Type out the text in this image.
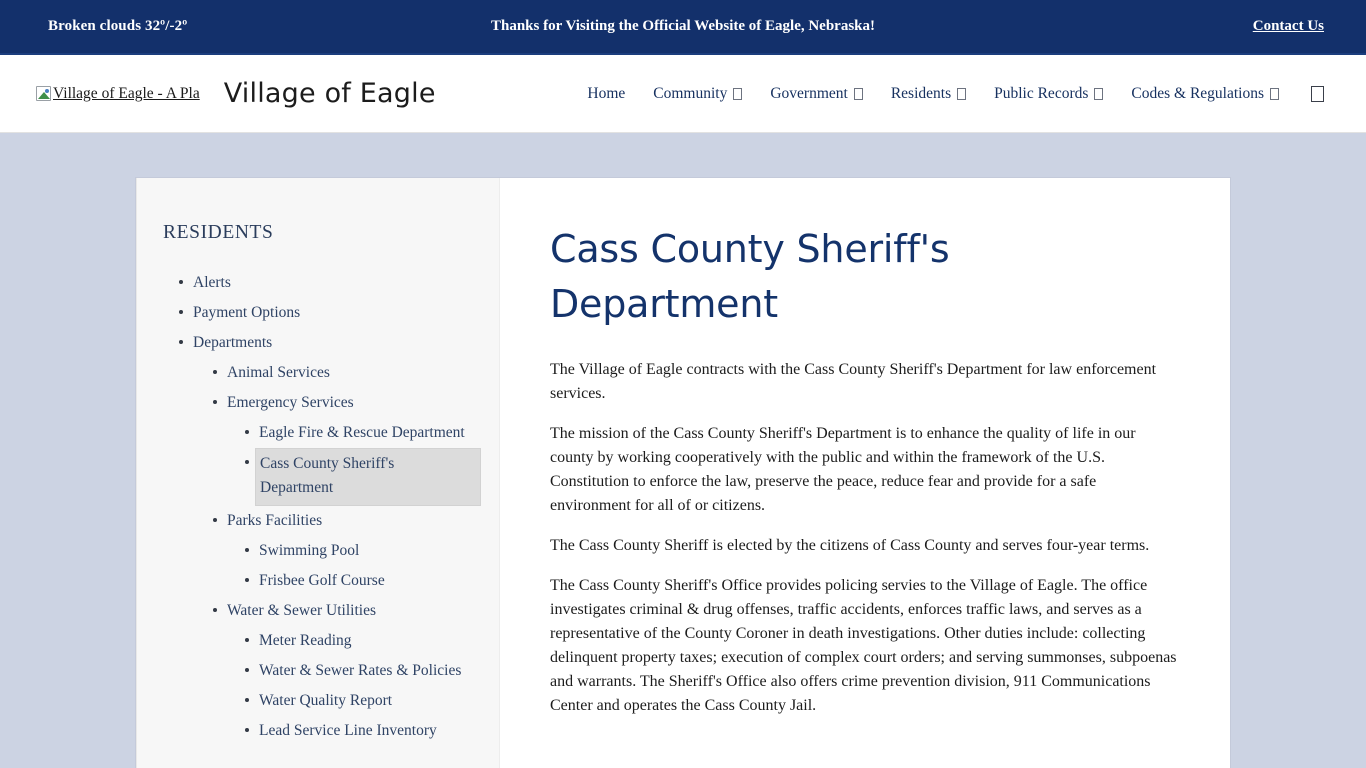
Broken clouds 32º/-2º	Thanks for Visiting the Official Website of Eagle, Nebraska!	Contact Us
Village of Eagle - A Pla Village of Eagle	Home Community	Government	Residents	Public Records	Codes & Regulations
RESIDENTS
Alerts
Payment Options
Departments
Animal Services
Emergency Services
Eagle Fire & Rescue Department
Cass County Sheriff's Department
Parks Facilities
Swimming Pool
Frisbee Golf Course
Water & Sewer Utilities
Meter Reading
Water & Sewer Rates & Policies
Water Quality Report
Lead Service Line Inventory
Cass County Sheriff's Department

The Village of Eagle contracts with the Cass County Sheriff's Department for law enforcement services.

The mission of the Cass County Sheriff's Department is to enhance the quality of life in our county by working cooperatively with the public and within the framework of the U.S. Constitution to enforce the law, preserve the peace, reduce fear and provide for a safe environment for all of or citizens.

The Cass County Sheriff is elected by the citizens of Cass County and serves four-year terms.

The Cass County Sheriff's Office provides policing servies to the Village of Eagle. The office investigates criminal & drug offenses, traffic accidents, enforces traffic laws, and serves as a representative of the County Coroner in death investigations. Other duties include: collecting delinquent property taxes; execution of complex court orders; and serving summonses, subpoenas and warrants. The Sheriff's Office also offers crime prevention division, 911 Communications Center and operates the Cass County Jail.
